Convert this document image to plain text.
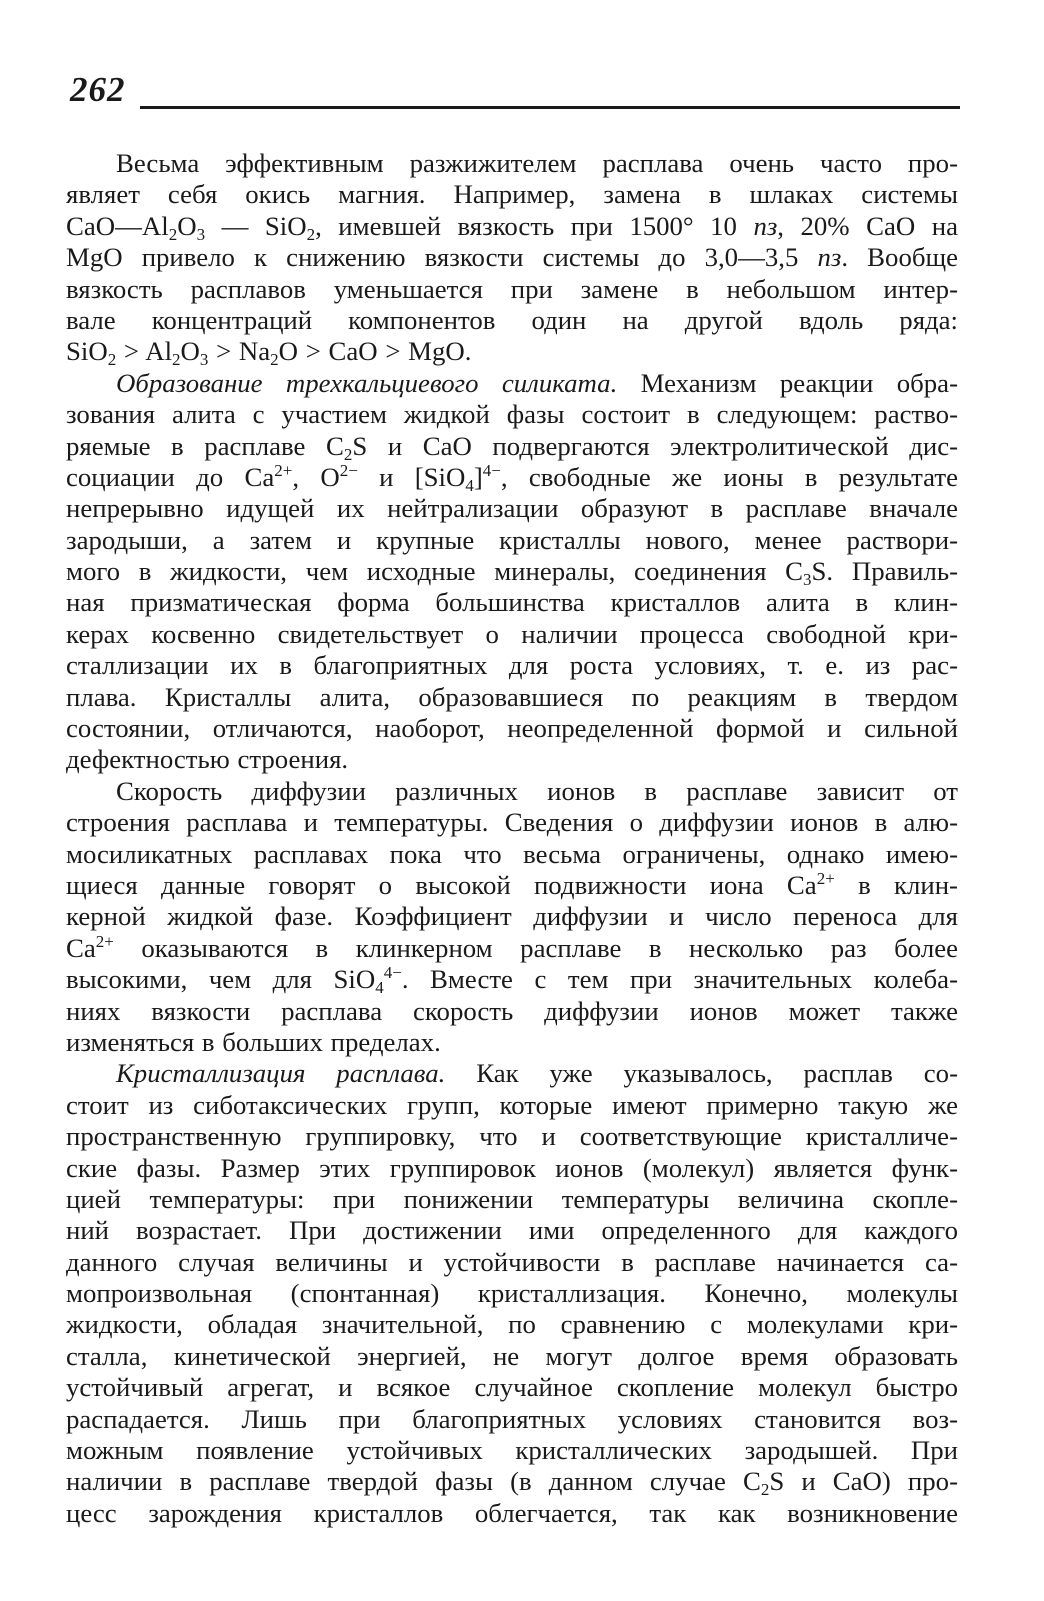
262
Весьма эффективным разжижителем расплава очень часто про-
являет себя окись магния. Например, замена в шлаках системы
$CaO—Al_2O_3$ — SiO$_2$, имевшей вязкость при 1500° 10 пз, 20% CaO на
MgO привело к снижению вязкости системы до 3,0—3,5 пз. Вообще
вязкость расплавов уменьшается при замене в небольшом интер-
вале концентраций компонентов один на другой вдоль ряда:
$SiO_2 > Al_2O_3 > Na_2O$ > CaO > MgO.
Образование трехкальциевого силиката. Механизм реакции обра-
зования алита с участием жидкой фазы состоит в следующем: раство-
ряемые в расплаве $C_2S$ и CaO подвергаются электролитической дис-
социации до $Ca^{2+}$, $O^{2-}$ и $[SiO_4]^{4-}$, свободные же ионы в результате
непрерывно идущей их нейтрализации образуют в расплаве вначале
зародыши, а затем и крупные кристаллы нового, менее раствори-
мого в жидкости, чем исходные минералы, соединения $C_3S$. Правиль-
ная призматическая форма большинства кристаллов алита в клин-
керах косвенно свидетельствует о наличии процесса свободной кри-
сталлизации их в благоприятных для роста условиях, т. е. из рас-
плава. Кристаллы алита, образовавшиеся по реакциям в твердом
состоянии, отличаются, наоборот, неопределенной формой и сильной
дефектностью строения.
Скорость диффузии различных ионов в расплаве зависит от
строения расплава и температуры. Сведения о диффузии ионов в алю-
мосиликатных расплавах пока что весьма ограничены, однако имею-
щиеся данные говорят о высокой подвижности иона $Ca^{2+}$ в клин-
керной жидкой фазе. Коэффициент диффузии и число переноса для
$Ca^{2+}$ оказываются в клинкерном расплаве в несколько раз более
высокими, чем для SiO$_4^{4-}$. Вместе с тем при значительных колеба-
ниях вязкости расплава скорость диффузии ионов может также
изменяться в больших пределах.
Кристаллизация расплава. Как уже указывалось, расплав со-
стоит из сиботаксических групп, которые имеют примерно такую же
пространственную группировку, что и соответствующие кристалличе-
ские фазы. Размер этих группировок ионов (молекул) является функ-
цией температуры: при понижении температуры величина скопле-
ний возрастает. При достижении ими определенного для каждого
данного случая величины и устойчивости в расплаве начинается са-
мопроизвольная (спонтанная) кристаллизация. Конечно, молекулы
жидкости, обладая значительной, по сравнению с молекулами кри-
сталла, кинетической энергией, не могут долгое время образовать
устойчивый агрегат, и всякое случайное скопление молекул быстро
распадается. Лишь при благоприятных условиях становится воз-
можным появление устойчивых кристаллических зародышей. При
наличии в расплаве твердой фазы (в данном случае $C_2S$ и CaO) про-
цесс зарождения кристаллов облегчается, так как возникновение
